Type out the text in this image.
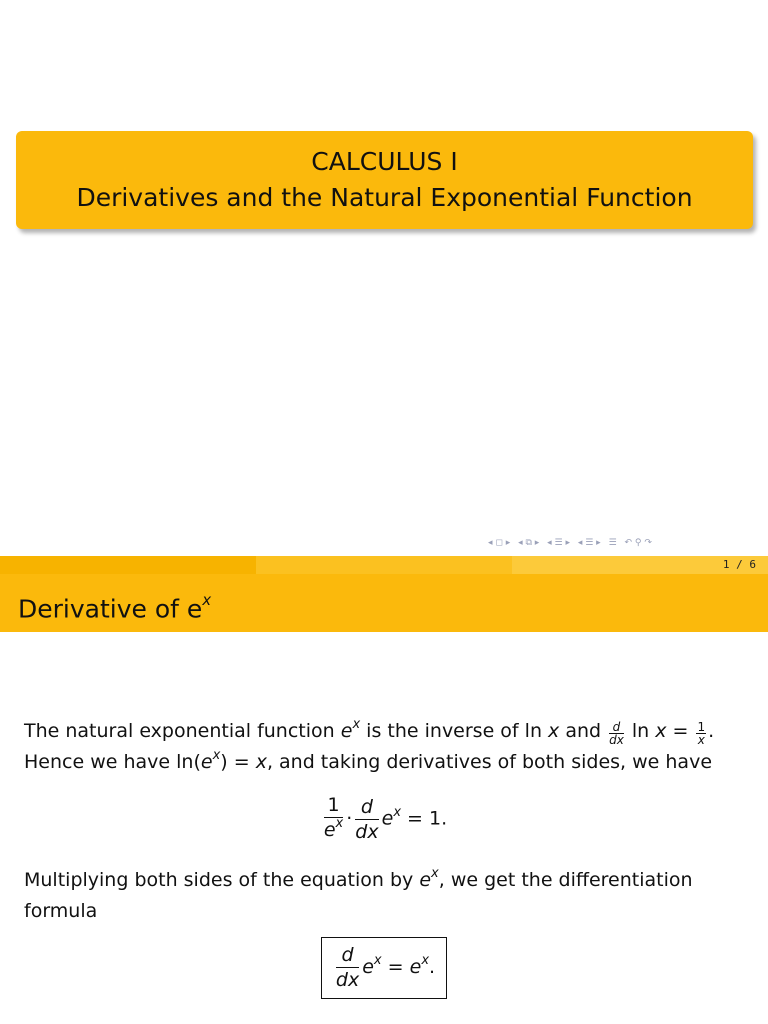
CALCULUS I
Derivatives and the Natural Exponential Function
◂ ◻ ▸ ◂ ⧉ ▸ ◂ ☰ ▸ ◂ ☰ ▸ ☰ ↶ ⚲ ↷
1 / 6
Derivative of $e^x$
The natural exponential function $e^x$ is the inverse of ln x and $\frac{d}{dx}$ $\ln x = \frac{1}{x}$ .
Hence we have $\ln(e^x) = x$, and taking derivatives of both sides, we have
$\frac{1}{e^x} \cdot \frac{d}{dx} e^x = 1$.
Multiplying both sides of the equation by $e^x$, we get the differentiation formula
$\frac{d}{dx} e^x = e^x$.
